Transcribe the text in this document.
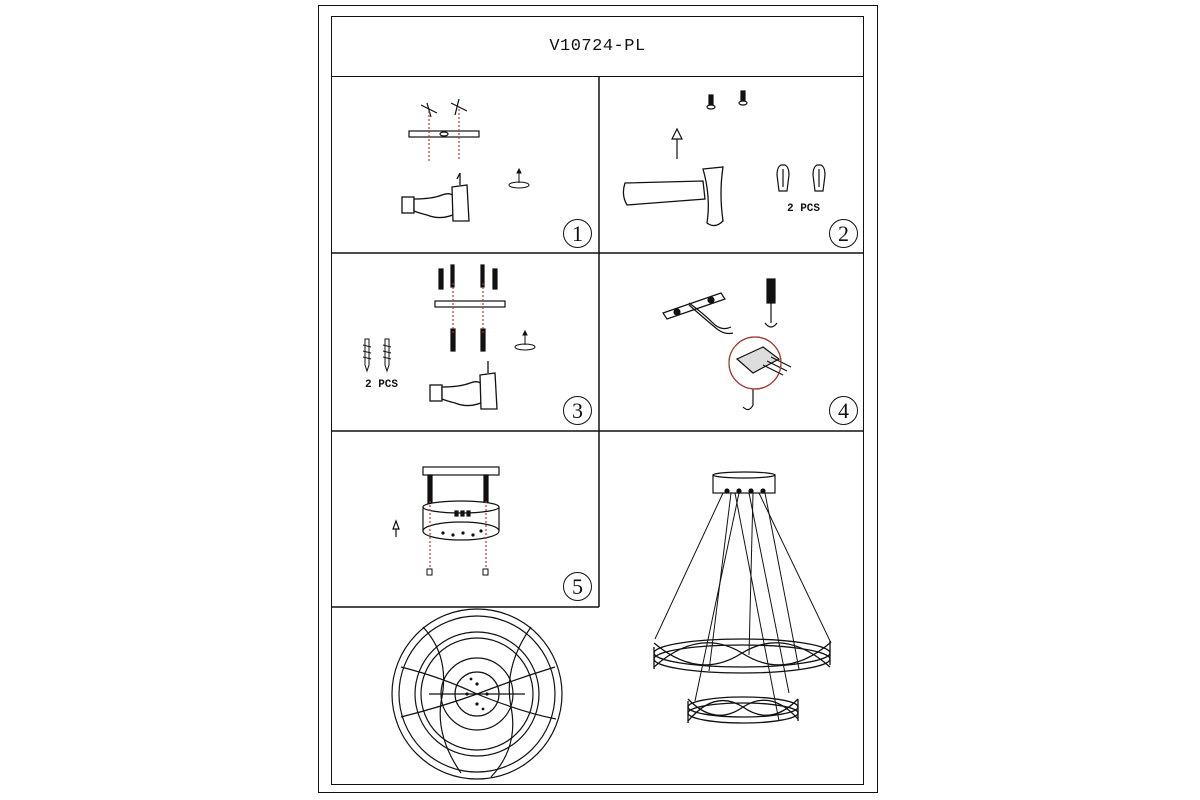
V10724-PL
1
2 PCS
2
2 PCS
3	4
5
